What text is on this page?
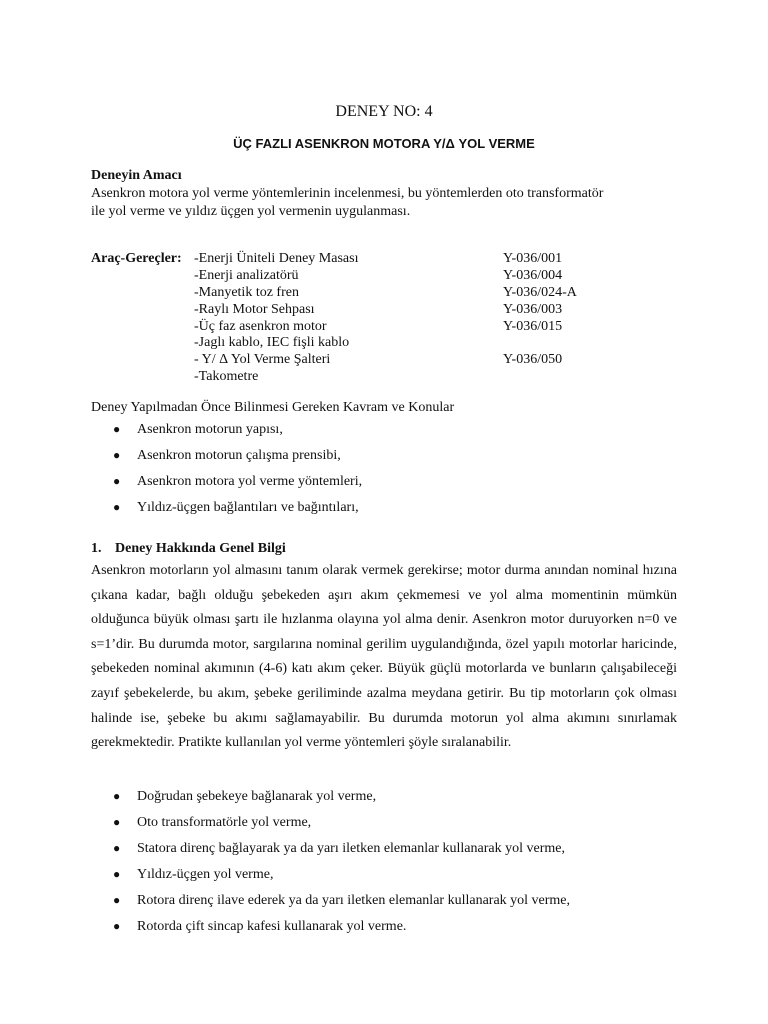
DENEY NO: 4
ÜÇ FAZLI ASENKRON MOTORA Y/Δ YOL VERME
Deneyin Amacı
Asenkron motora yol verme yöntemlerinin incelenmesi, bu yöntemlerden oto transformatör
ile yol verme ve yıldız üçgen yol vermenin uygulanması.
Araç-Gereçler: -Enerji Üniteli Deney Masası	Y-036/001
-Enerji analizatörü	Y-036/004
-Manyetik toz fren	Y-036/024-A
-Raylı Motor Sehpası	Y-036/003
-Üç faz asenkron motor	Y-036/015
-Jaglı kablo, IEC fişli kablo
- Y/ Δ Yol Verme Şalteri	Y-036/050
-Takometre
Deney Yapılmadan Önce Bilinmesi Gereken Kavram ve Konular
● Asenkron motorun yapısı,
● Asenkron motorun çalışma prensibi,
● Asenkron motora yol verme yöntemleri,
● Yıldız-üçgen bağlantıları ve bağıntıları,
1. Deney Hakkında Genel Bilgi

Asenkron motorların yol almasını tanım olarak vermek gerekirse; motor durma anından nominal hızına çıkana kadar, bağlı olduğu şebekeden aşırı akım çekmemesi ve yol alma momentinin mümkün olduğunca büyük olması şartı ile hızlanma olayına yol alma denir. Asenkron motor duruyorken n=0 ve s=1’dir. Bu durumda motor, sargılarına nominal gerilim uygulandığında, özel yapılı motorlar haricinde, şebekeden nominal akımının (4-6) katı akım çeker. Büyük güçlü motorlarda ve bunların çalışabileceği zayıf şebekelerde, bu akım, şebeke geriliminde azalma meydana getirir. Bu tip motorların çok olması halinde ise, şebeke bu akımı sağlamayabilir. Bu durumda motorun yol alma akımını sınırlamak gerekmektedir. Pratikte kullanılan yol verme yöntemleri şöyle sıralanabilir.

● Doğrudan şebekeye bağlanarak yol verme,
● Oto transformatörle yol verme,
● Statora direnç bağlayarak ya da yarı iletken elemanlar kullanarak yol verme,
● Yıldız-üçgen yol verme,
● Rotora direnç ilave ederek ya da yarı iletken elemanlar kullanarak yol verme,
● Rotorda çift sincap kafesi kullanarak yol verme.
